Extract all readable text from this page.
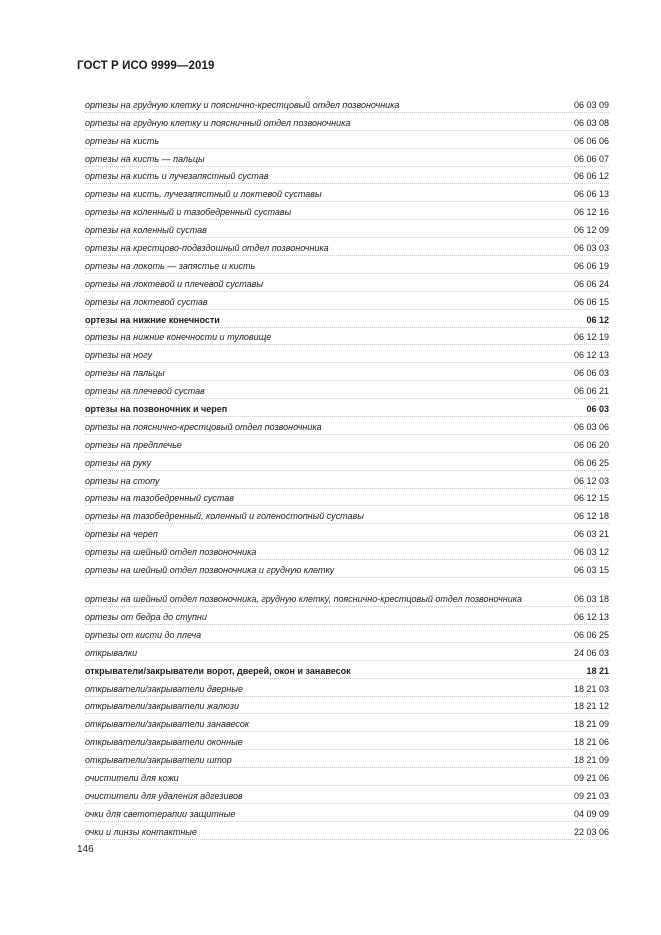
ГОСТ Р ИСО 9999—2019
ортезы на грудную клетку и пояснично-крестцовый отдел позвоночника	06 03 09
ортезы на грудную клетку и поясничный отдел позвоночника	06 03 08
ортезы на кисть	06 06 06
ортезы на кисть — пальцы	06 06 07
ортезы на кисть и лучезапястный сустав	06 06 12
ортезы на кисть, лучезапястный и локтевой суставы	06 06 13
ортезы на коленный и тазобедренный суставы	06 12 16
ортезы на коленный сустав	06 12 09
ортезы на крестцово-подвздошный отдел позвоночника	06 03 03
ортезы на локоть — запястье и кисть	06 06 19
ортезы на локтевой и плечевой суставы	06 06 24
ортезы на локтевой сустав	06 06 15
ортезы на нижние конечности	06 12
ортезы на нижние конечности и туловище	06 12 19
ортезы на ногу	06 12 13
ортезы на пальцы	06 06 03
ортезы на плечевой сустав	06 06 21
ортезы на позвоночник и череп	06 03
ортезы на пояснично-крестцовый отдел позвоночника	06 03 06
ортезы на предплечье	06 06 20
ортезы на руку	06 06 25
ортезы на стопу	06 12 03
ортезы на тазобедренный сустав	06 12 15
ортезы на тазобедренный, коленный и голеностопный суставы	06 12 18
ортезы на череп	06 03 21
ортезы на шейный отдел позвоночника	06 03 12
ортезы на шейный отдел позвоночника и грудную клетку	06 03 15
ортезы на шейный отдел позвоночника, грудную клетку, пояснично-крестцовый отдел позвоночника	06 03 18
ортезы от бедра до ступни	06 12 13
ортезы от кисти до плеча	06 06 25
открывалки	24 06 03
открыватели/закрыватели ворот, дверей, окон и занавесок	18 21
открыватели/закрыватели дверные	18 21 03
открыватели/закрыватели жалюзи	18 21 12
открыватели/закрыватели занавесок	18 21 09
открыватели/закрыватели оконные	18 21 06
открыватели/закрыватели штор	18 21 09
очистители для кожи	09 21 06
очистители для удаления адгезивов	09 21 03
очки для светотерапии защитные	04 09 09
очки и линзы контактные	22 03 06
146
